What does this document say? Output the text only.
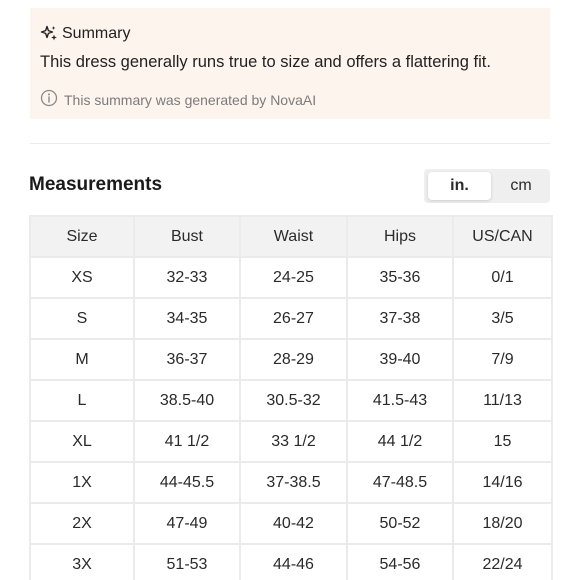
Summary
This dress generally runs true to size and offers a flattering fit.
This summary was generated by NovaAI
Measurements	in.	cm
Size	Bust	Waist	Hips	US/CAN
XS	32-33	24-25	35-36	0/1
S	34-35	26-27	37-38	3/5
M	36-37	28-29	39-40	7/9
L	38.5-40	30.5-32	41.5-43	11/13
XL	41 1/2	33 1/2	44 1/2	15
1X	44-45.5	37-38.5	47-48.5	14/16
2X	47-49	40-42	50-52	18/20
3X	51-53	44-46	54-56	22/24
